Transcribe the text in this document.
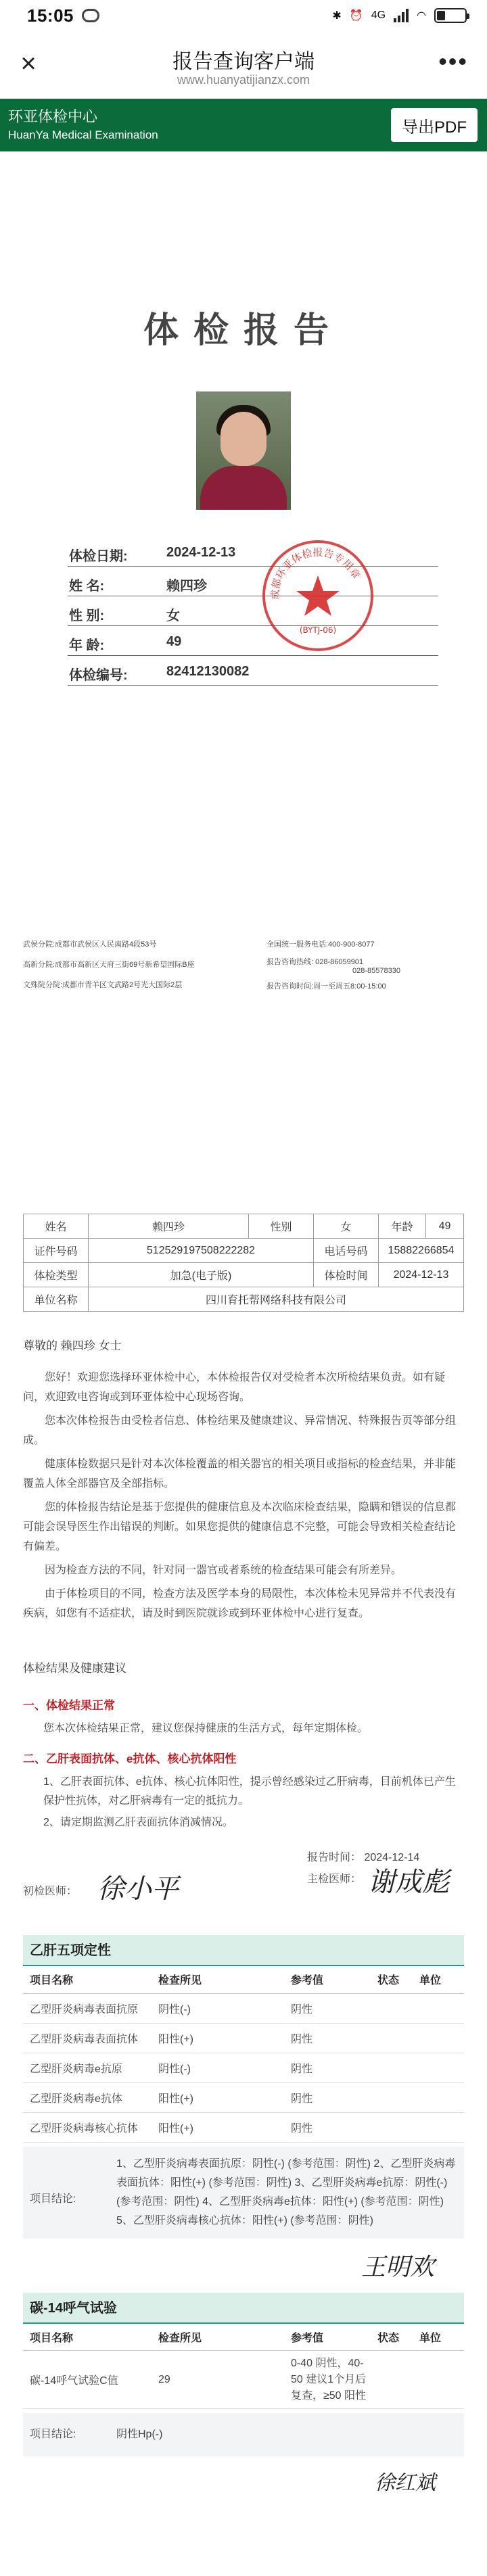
15:05	✱ ⏰ 4G	◠
×	报告查询客户端
www.huanyatijianzx.com
•••
环亚体检中心
HuanYa Medical Examination	导出PDF
体检报告
体检日期:	2024-12-13
姓 名:	赖四珍
性 别:	女
年 龄:	49
体检编号:	82412130082
成都环亚体检报告专用章
(BYTJ-06)
武侯分院:成都市武侯区人民南路4段53号
高新分院:成都市高新区天府三街69号新希望国际B座
文殊院分院:成都市青羊区文武路2号光大国际2层
全国统一服务电话:400-900-8077
报告咨询热线: 028-86059901
028-85578330
报告咨询时间:周一至周五8:00-15:00
姓名	赖四珍	性别	女	年龄	49
证件号码	512529197508222282		电话号码	15882266854	
体检类型	加急(电子版)		体检时间	2024-12-13	
单位名称	四川育托帮网络科技有限公司				
尊敬的 赖四珍 女士

您好！欢迎您选择环亚体检中心，本体检报告仅对受检者本次所检结果负责。如有疑问，欢迎致电咨询或到环亚体检中心现场咨询。

您本次体检报告由受检者信息、体检结果及健康建议、异常情况、特殊报告页等部分组成。

健康体检数据只是针对本次体检覆盖的相关器官的相关项目或指标的检查结果，并非能覆盖人体全部器官及全部指标。

您的体检报告结论是基于您提供的健康信息及本次临床检查结果，隐瞒和错误的信息都可能会误导医生作出错误的判断。如果您提供的健康信息不完整，可能会导致相关检查结论有偏差。

因为检查方法的不同，针对同一器官或者系统的检查结果可能会有所差异。

由于体检项目的不同，检查方法及医学本身的局限性，本次体检未见异常并不代表没有疾病，如您有不适症状，请及时到医院就诊或到环亚体检中心进行复查。

体检结果及健康建议
一、体检结果正常
您本次体检结果正常，建议您保持健康的生活方式，每年定期体检。
二、乙肝表面抗体、e抗体、核心抗体阳性
1、乙肝表面抗体、e抗体、核心抗体阳性，提示曾经感染过乙肝病毒，目前机体已产生保护性抗体，对乙肝病毒有一定的抵抗力。
2、请定期监测乙肝表面抗体消减情况。
报告时间： 2024-12-14
初检医师： 徐小平	主检医师： 谢成彪
乙肝五项定性
项目名称	检查所见	参考值	状态	单位
乙型肝炎病毒表面抗原	阴性(-)	阴性		
乙型肝炎病毒表面抗体	阳性(+)	阴性		
乙型肝炎病毒e抗原	阴性(-)	阴性		
乙型肝炎病毒e抗体	阳性(+)	阴性		
乙型肝炎病毒核心抗体	阳性(+)	阴性		
项目结论:
1、乙型肝炎病毒表面抗原：阴性(-) (参考范围：阴性) 2、乙型肝炎病毒表面抗体：阳性(+) (参考范围：阴性) 3、乙型肝炎病毒e抗原：阴性(-) (参考范围：阴性) 4、乙型肝炎病毒e抗体：阳性(+) (参考范围：阴性) 5、乙型肝炎病毒核心抗体：阳性(+) (参考范围：阴性)
王明欢
碳-14呼气试验
项目名称	检查所见	参考值	状态	单位
碳-14呼气试验C值	29	0-40 阴性，40-50 建议1个月后复查，≥50 阳性		
项目结论:	阴性Hp(-)
徐红斌
